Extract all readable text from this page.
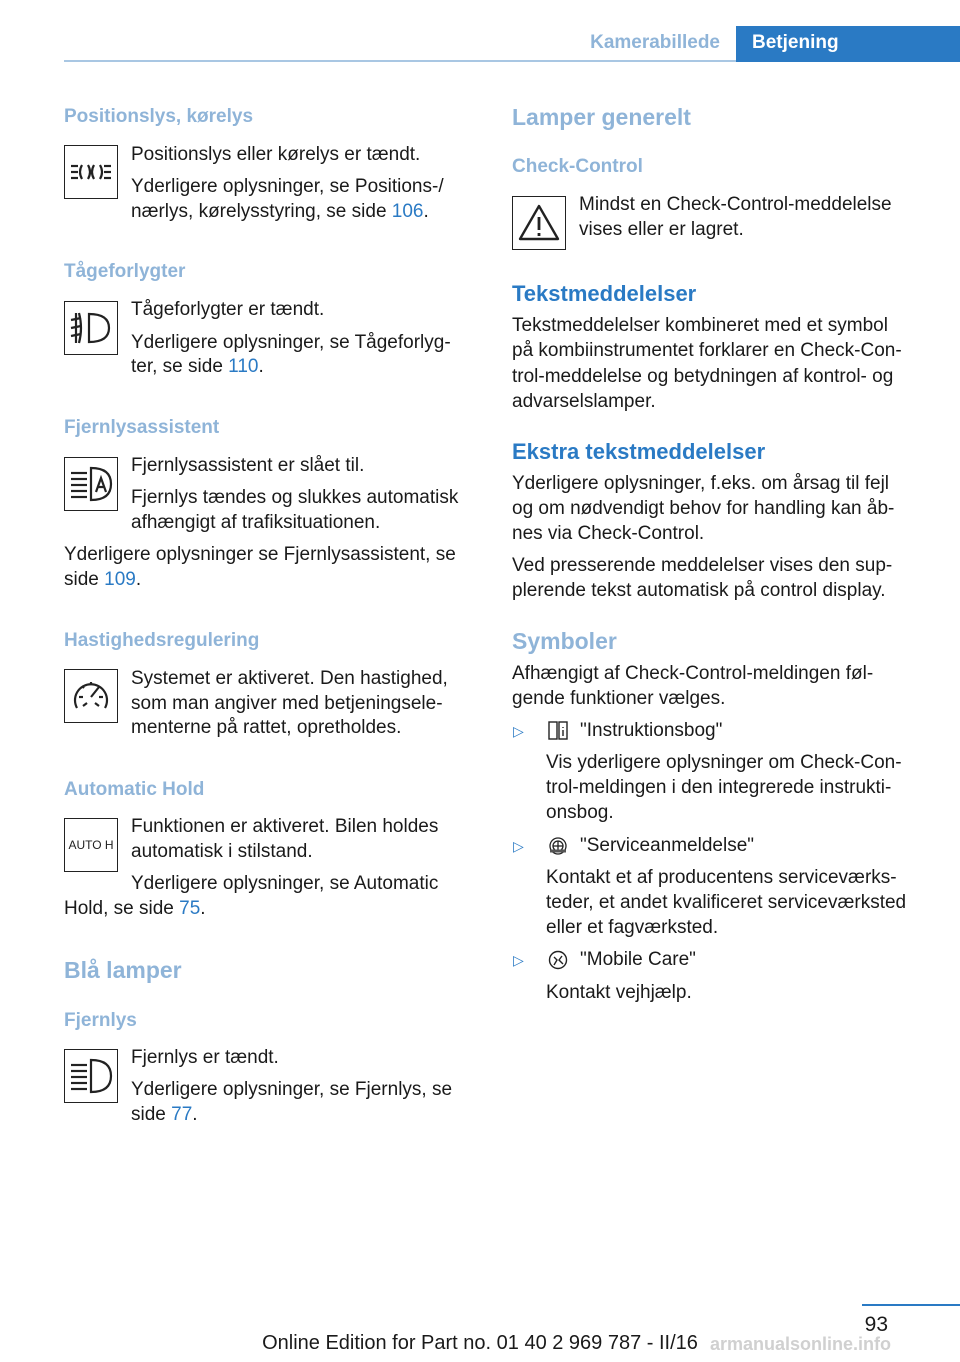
Kamerabillede	Betjening
Positionslys, kørelys
Positionslys eller kørelys er tændt.
Yderligere oplysninger, se Positions-/
nærlys, kørelysstyring, se side 106.
Tågeforlygter
Tågeforlygter er tændt.
Yderligere oplysninger, se Tågeforlyg-
ter, se side 110.
Fjernlysassistent
Fjernlysassistent er slået til.
Fjernlys tændes og slukkes automatisk
afhængigt af trafiksituationen.
Yderligere oplysninger se Fjernlysassistent, se
side 109.
Hastighedsregulering
Systemet er aktiveret. Den hastighed,
som man angiver med betjeningsele-
menterne på rattet, opretholdes.
Automatic Hold
AUTO H
Funktionen er aktiveret. Bilen holdes
automatisk i stilstand.
Yderligere oplysninger, se Automatic
Hold, se side 75.
Blå lamper
Fjernlys
Fjernlys er tændt.
Yderligere oplysninger, se Fjernlys, se
side 77.
Lamper generelt
Check-Control
Mindst en Check-Control-meddelelse
vises eller er lagret.
Tekstmeddelelser
Tekstmeddelelser kombineret med et symbol
på kombiinstrumentet forklarer en Check-Con-
trol-meddelelse og betydningen af kontrol- og
advarselslamper.
Ekstra tekstmeddelelser
Yderligere oplysninger, f.eks. om årsag til fejl
og om nødvendigt behov for handling kan åb-
nes via Check-Control.
Ved presserende meddelelser vises den sup-
plerende tekst automatisk på control display.
Symboler
Afhængigt af Check-Control-meldingen føl-
gende funktioner vælges.
▷	"Instruktionsbog"
Vis yderligere oplysninger om Check-Con-
trol-meldingen i den integrerede instrukti-
onsbog.
▷	"Serviceanmeldelse"
Kontakt et af producentens serviceværks-
teder, et andet kvalificeret serviceværksted
eller et fagværksted.
▷	"Mobile Care"
Kontakt vejhjælp.
93
Online Edition for Part no. 01 40 2 969 787 - II/16 armanualsonline.info
